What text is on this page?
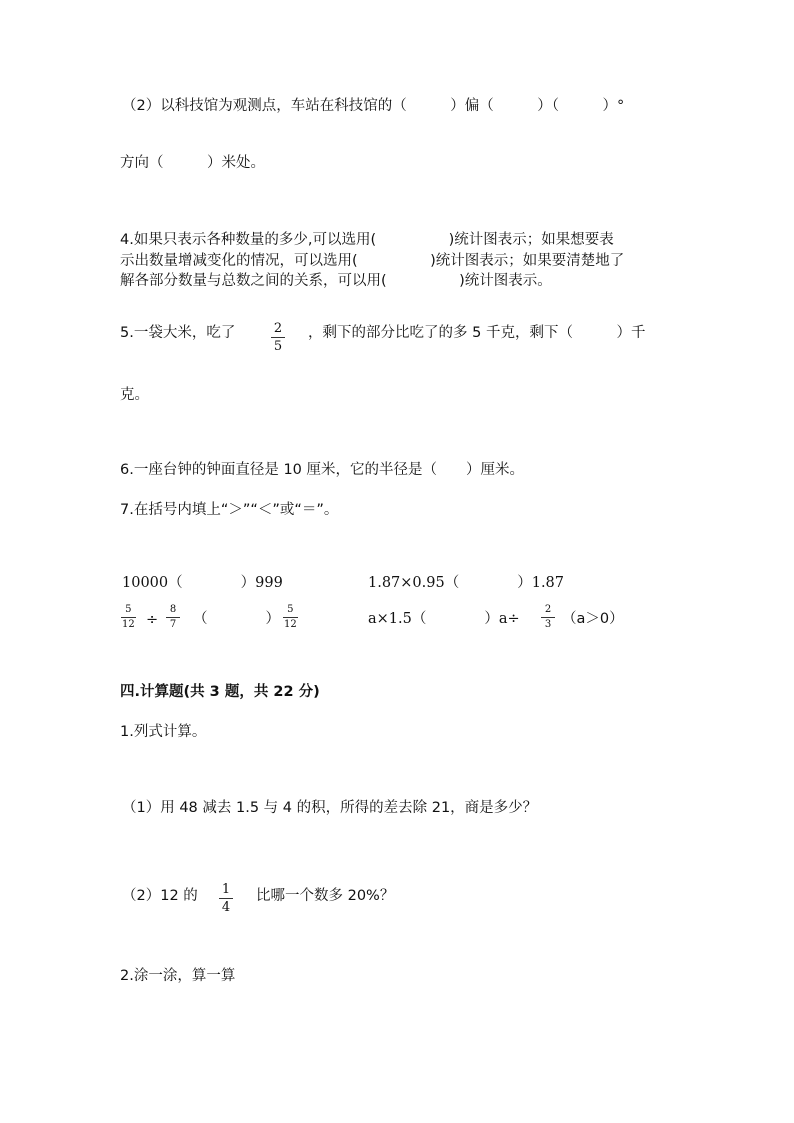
（2）以科技馆为观测点，车站在科技馆的（　　　）偏（　　　）（　　　）°
方向（　　　）米处。
4.如果只表示各种数量的多少,可以选用(　　　　　)统计图表示；如果想要表
示出数量增减变化的情况，可以选用(　　　　　)统计图表示；如果要清楚地了
解各部分数量与总数之间的关系，可以用(　　　　　)统计图表示。
5.一袋大米，吃了	$\frac{2}{5}$ ，剩下的部分比吃了的多 5 千克，剩下（　　　）千
克。
6.一座台钟的钟面直径是 10 厘米，它的半径是（　　）厘米。
7.在括号内填上“＞”“＜”或“＝”。
10000（　　　　）999	1.87×0.95（　　　　）1.87
$\frac{5}{12} \div \frac{8}{7}$ （　　　　） $\frac{5}{12}$	a×1.5（　　　　）$a\div \frac{2}{3} (a>0)$
四.计算题(共 3 题，共 22 分)
1.列式计算。
（1）用 48 减去 1.5 与 4 的积，所得的差去除 21，商是多少？
（2）12 的 $\frac{1}{4}$ 比哪一个数多 20%？
2.涂一涂，算一算
